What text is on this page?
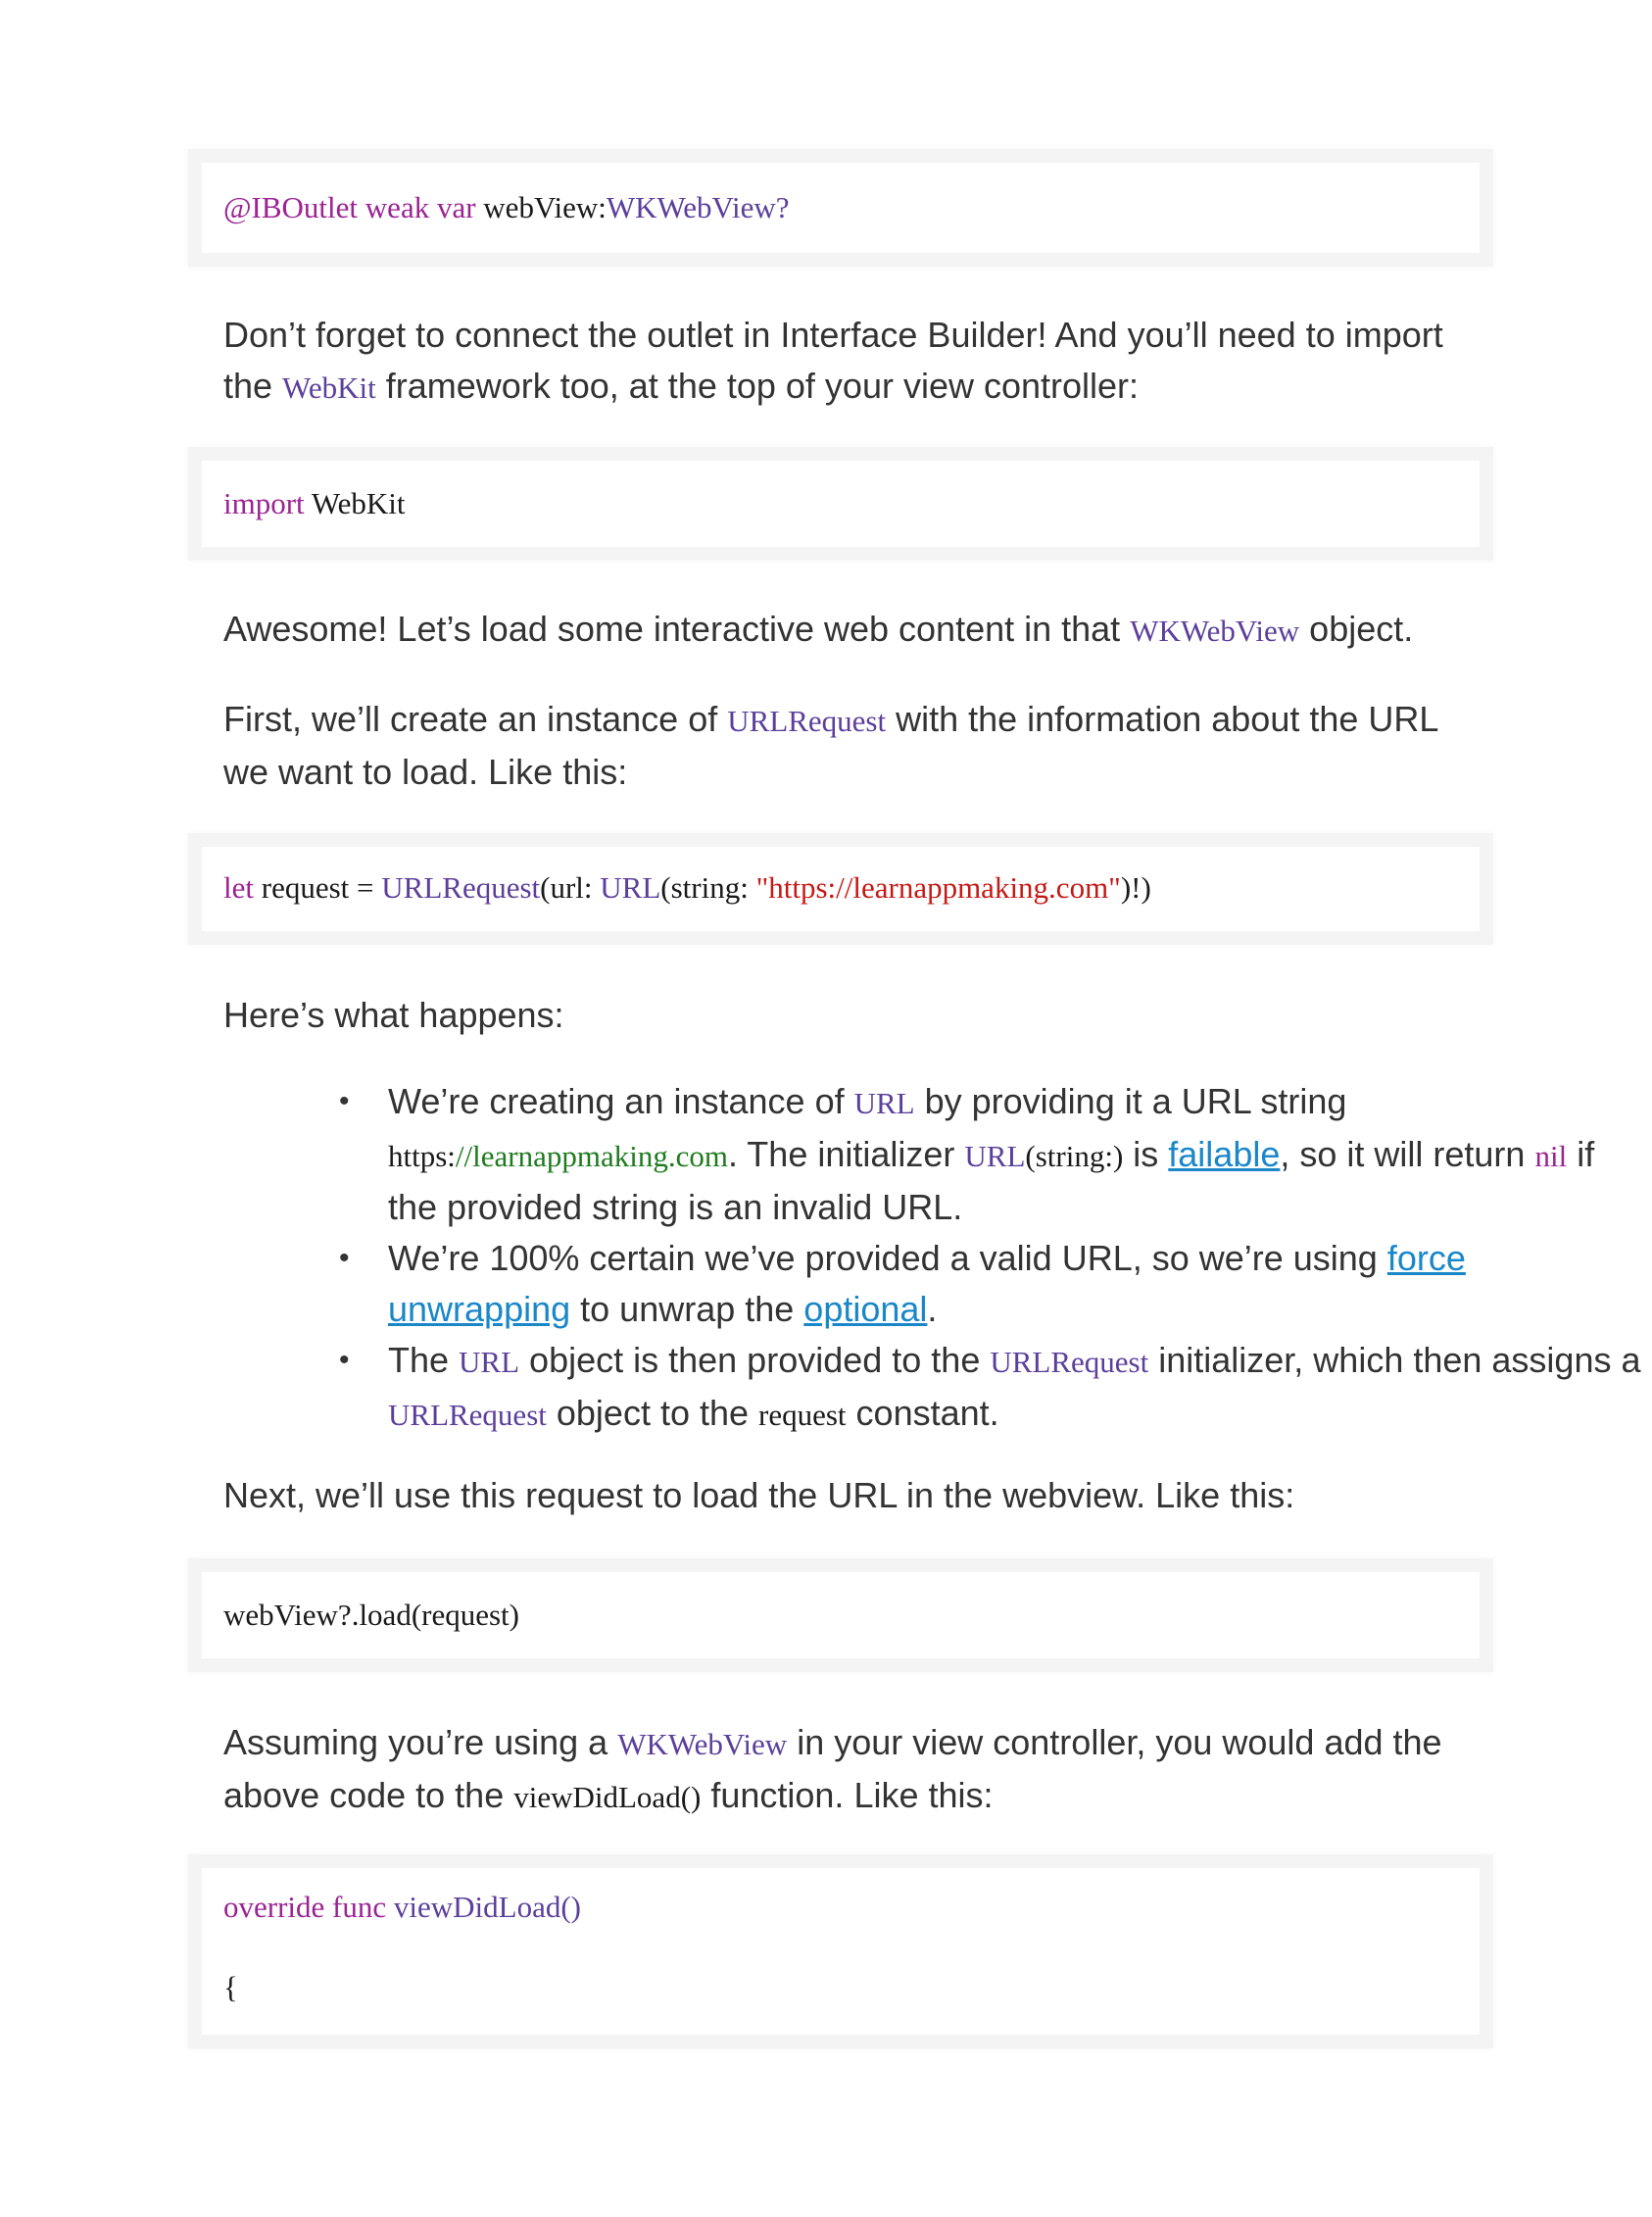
@IBOutlet weak var webView:WKWebView?
Don’t forget to connect the outlet in Interface Builder! And you’ll need to import the WebKit framework too, at the top of your view controller:
import WebKit
Awesome! Let’s load some interactive web content in that WKWebView object.
First, we’ll create an instance of URLRequest with the information about the URL we want to load. Like this:
let request = URLRequest(url: URL(string: "https://learnappmaking.com")!)
Here’s what happens:
• We’re creating an instance of URL by providing it a URL string https://learnappmaking.com. The initializer URL(string:) is failable, so it will return nil if the provided string is an invalid URL.
• We’re 100% certain we’ve provided a valid URL, so we’re using force unwrapping to unwrap the optional.
• The URL object is then provided to the URLRequest initializer, which then assigns a URLRequest object to the request constant.
Next, we’ll use this request to load the URL in the webview. Like this:
webView?.load(request)
Assuming you’re using a WKWebView in your view controller, you would add the above code to the viewDidLoad() function. Like this:
override func viewDidLoad()
{
